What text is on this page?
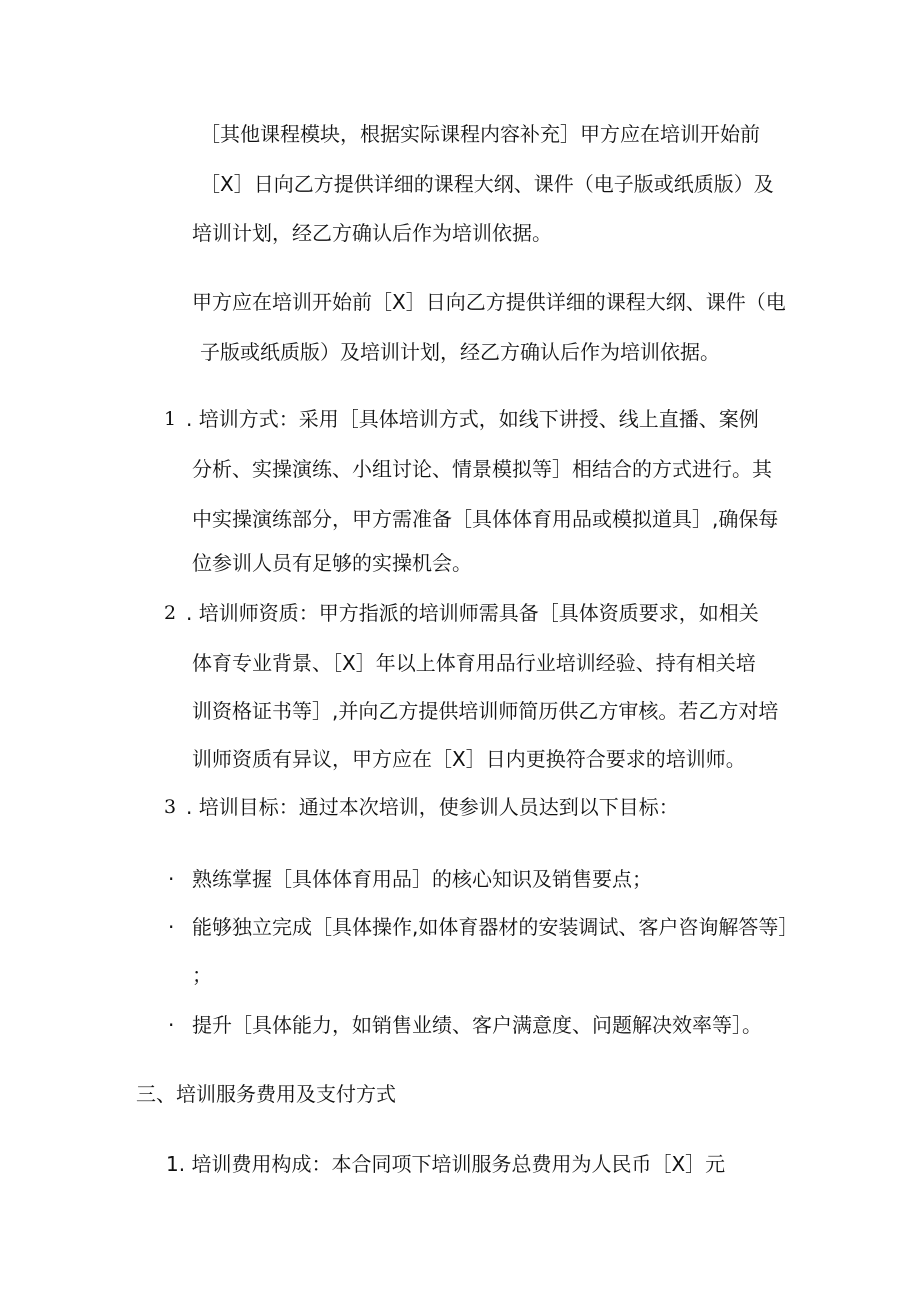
［其他课程模块，根据实际课程内容补充］甲方应在培训开始前
［X］日向乙方提供详细的课程大纲、课件（电子版或纸质版）及
培训计划，经乙方确认后作为培训依据。
甲方应在培训开始前［X］日向乙方提供详细的课程大纲、课件（电
子版或纸质版）及培训计划，经乙方确认后作为培训依据。
1 . 培训方式：采用［具体培训方式，如线下讲授、线上直播、案例
分析、实操演练、小组讨论、情景模拟等］相结合的方式进行。其
中实操演练部分，甲方需准备［具体体育用品或模拟道具］,确保每
位参训人员有足够的实操机会。
2 . 培训师资质：甲方指派的培训师需具备［具体资质要求，如相关
体育专业背景、［X］年以上体育用品行业培训经验、持有相关培
训资格证书等］,并向乙方提供培训师简历供乙方审核。若乙方对培
训师资质有异议，甲方应在［X］日内更换符合要求的培训师。
3 . 培训目标：通过本次培训，使参训人员达到以下目标：
· 熟练掌握［具体体育用品］的核心知识及销售要点；
· 能够独立完成［具体操作,如体育器材的安装调试、客户咨询解答等］
；
· 提升［具体能力，如销售业绩、客户满意度、问题解决效率等］。
三、培训服务费用及支付方式
1. 培训费用构成：本合同项下培训服务总费用为人民币［X］元
